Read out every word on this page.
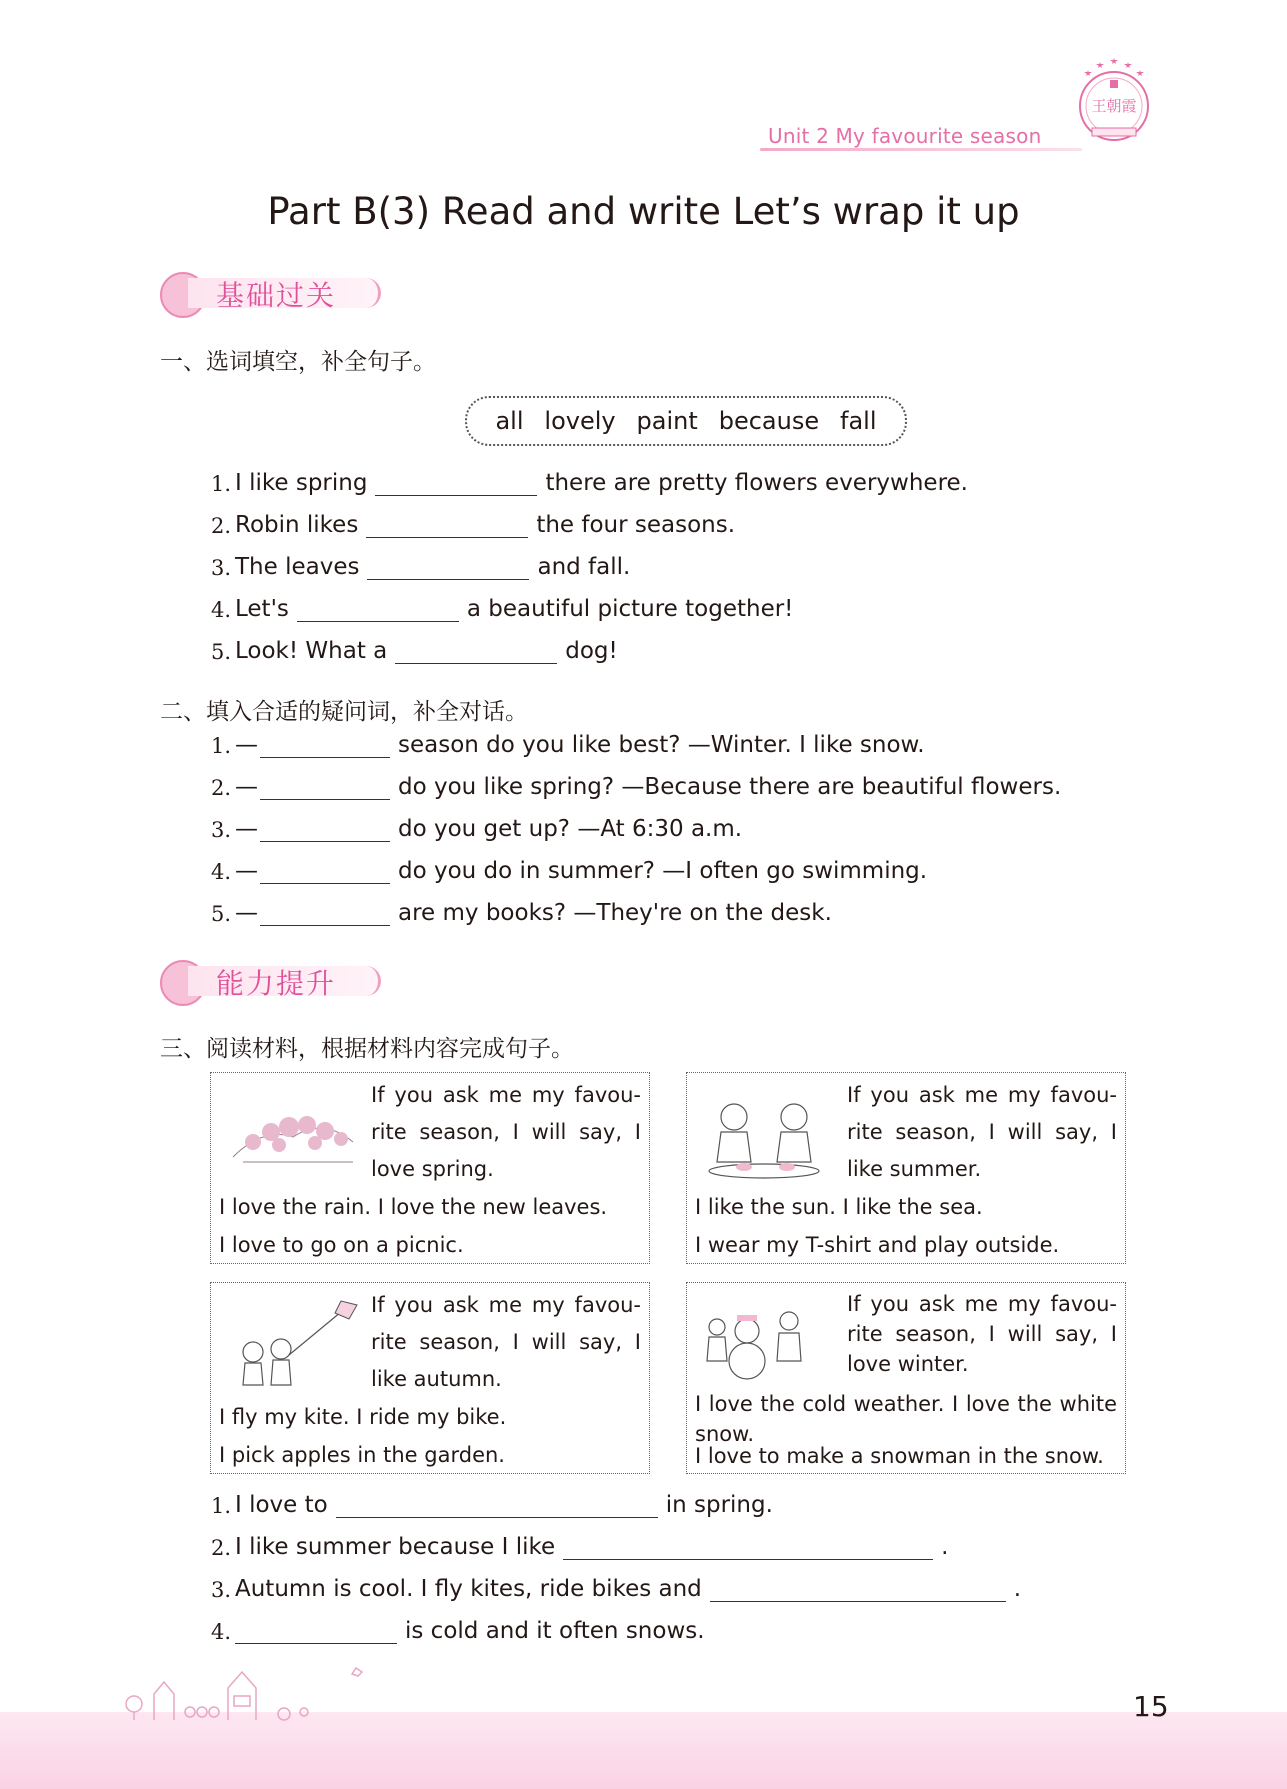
Unit 2 My favourite season
王朝霞
Part B(3) Read and write Let’s wrap it up
基础过关
一、选词填空，补全句子。
all lovely paint because fall
1. I like spring	there are pretty flowers everywhere.
2. Robin likes	the four seasons.
3. The leaves	and fall.
4. Let's	a beautiful picture together!
5. Look! What a	dog!
二、填入合适的疑问词，补全对话。
1. —	season do you like best? —Winter. I like snow.
2. —	do you like spring? —Because there are beautiful flowers.
3. —	do you get up? —At 6:30 a.m.
4. —	do you do in summer? —I often go swimming.
5. —	are my books? —They're on the desk.
能力提升
三、阅读材料，根据材料内容完成句子。
If you ask me my favou-rite season, I will say, I love spring.
I love the rain. I love the new leaves.
I love to go on a picnic.
If you ask me my favou-rite season, I will say, I like summer.
I like the sun. I like the sea.
I wear my T-shirt and play outside.
If you ask me my favou-rite season, I will say, I like autumn.
I fly my kite. I ride my bike.
I pick apples in the garden.
If you ask me my favou-rite season, I will say, I love winter.
I love the cold weather. I love the white snow.
I love to make a snowman in the snow.
1. I love to	in spring.
2. I like summer because I like	.
3. Autumn is cool. I fly kites, ride bikes and	.
4.	is cold and it often snows.
15
